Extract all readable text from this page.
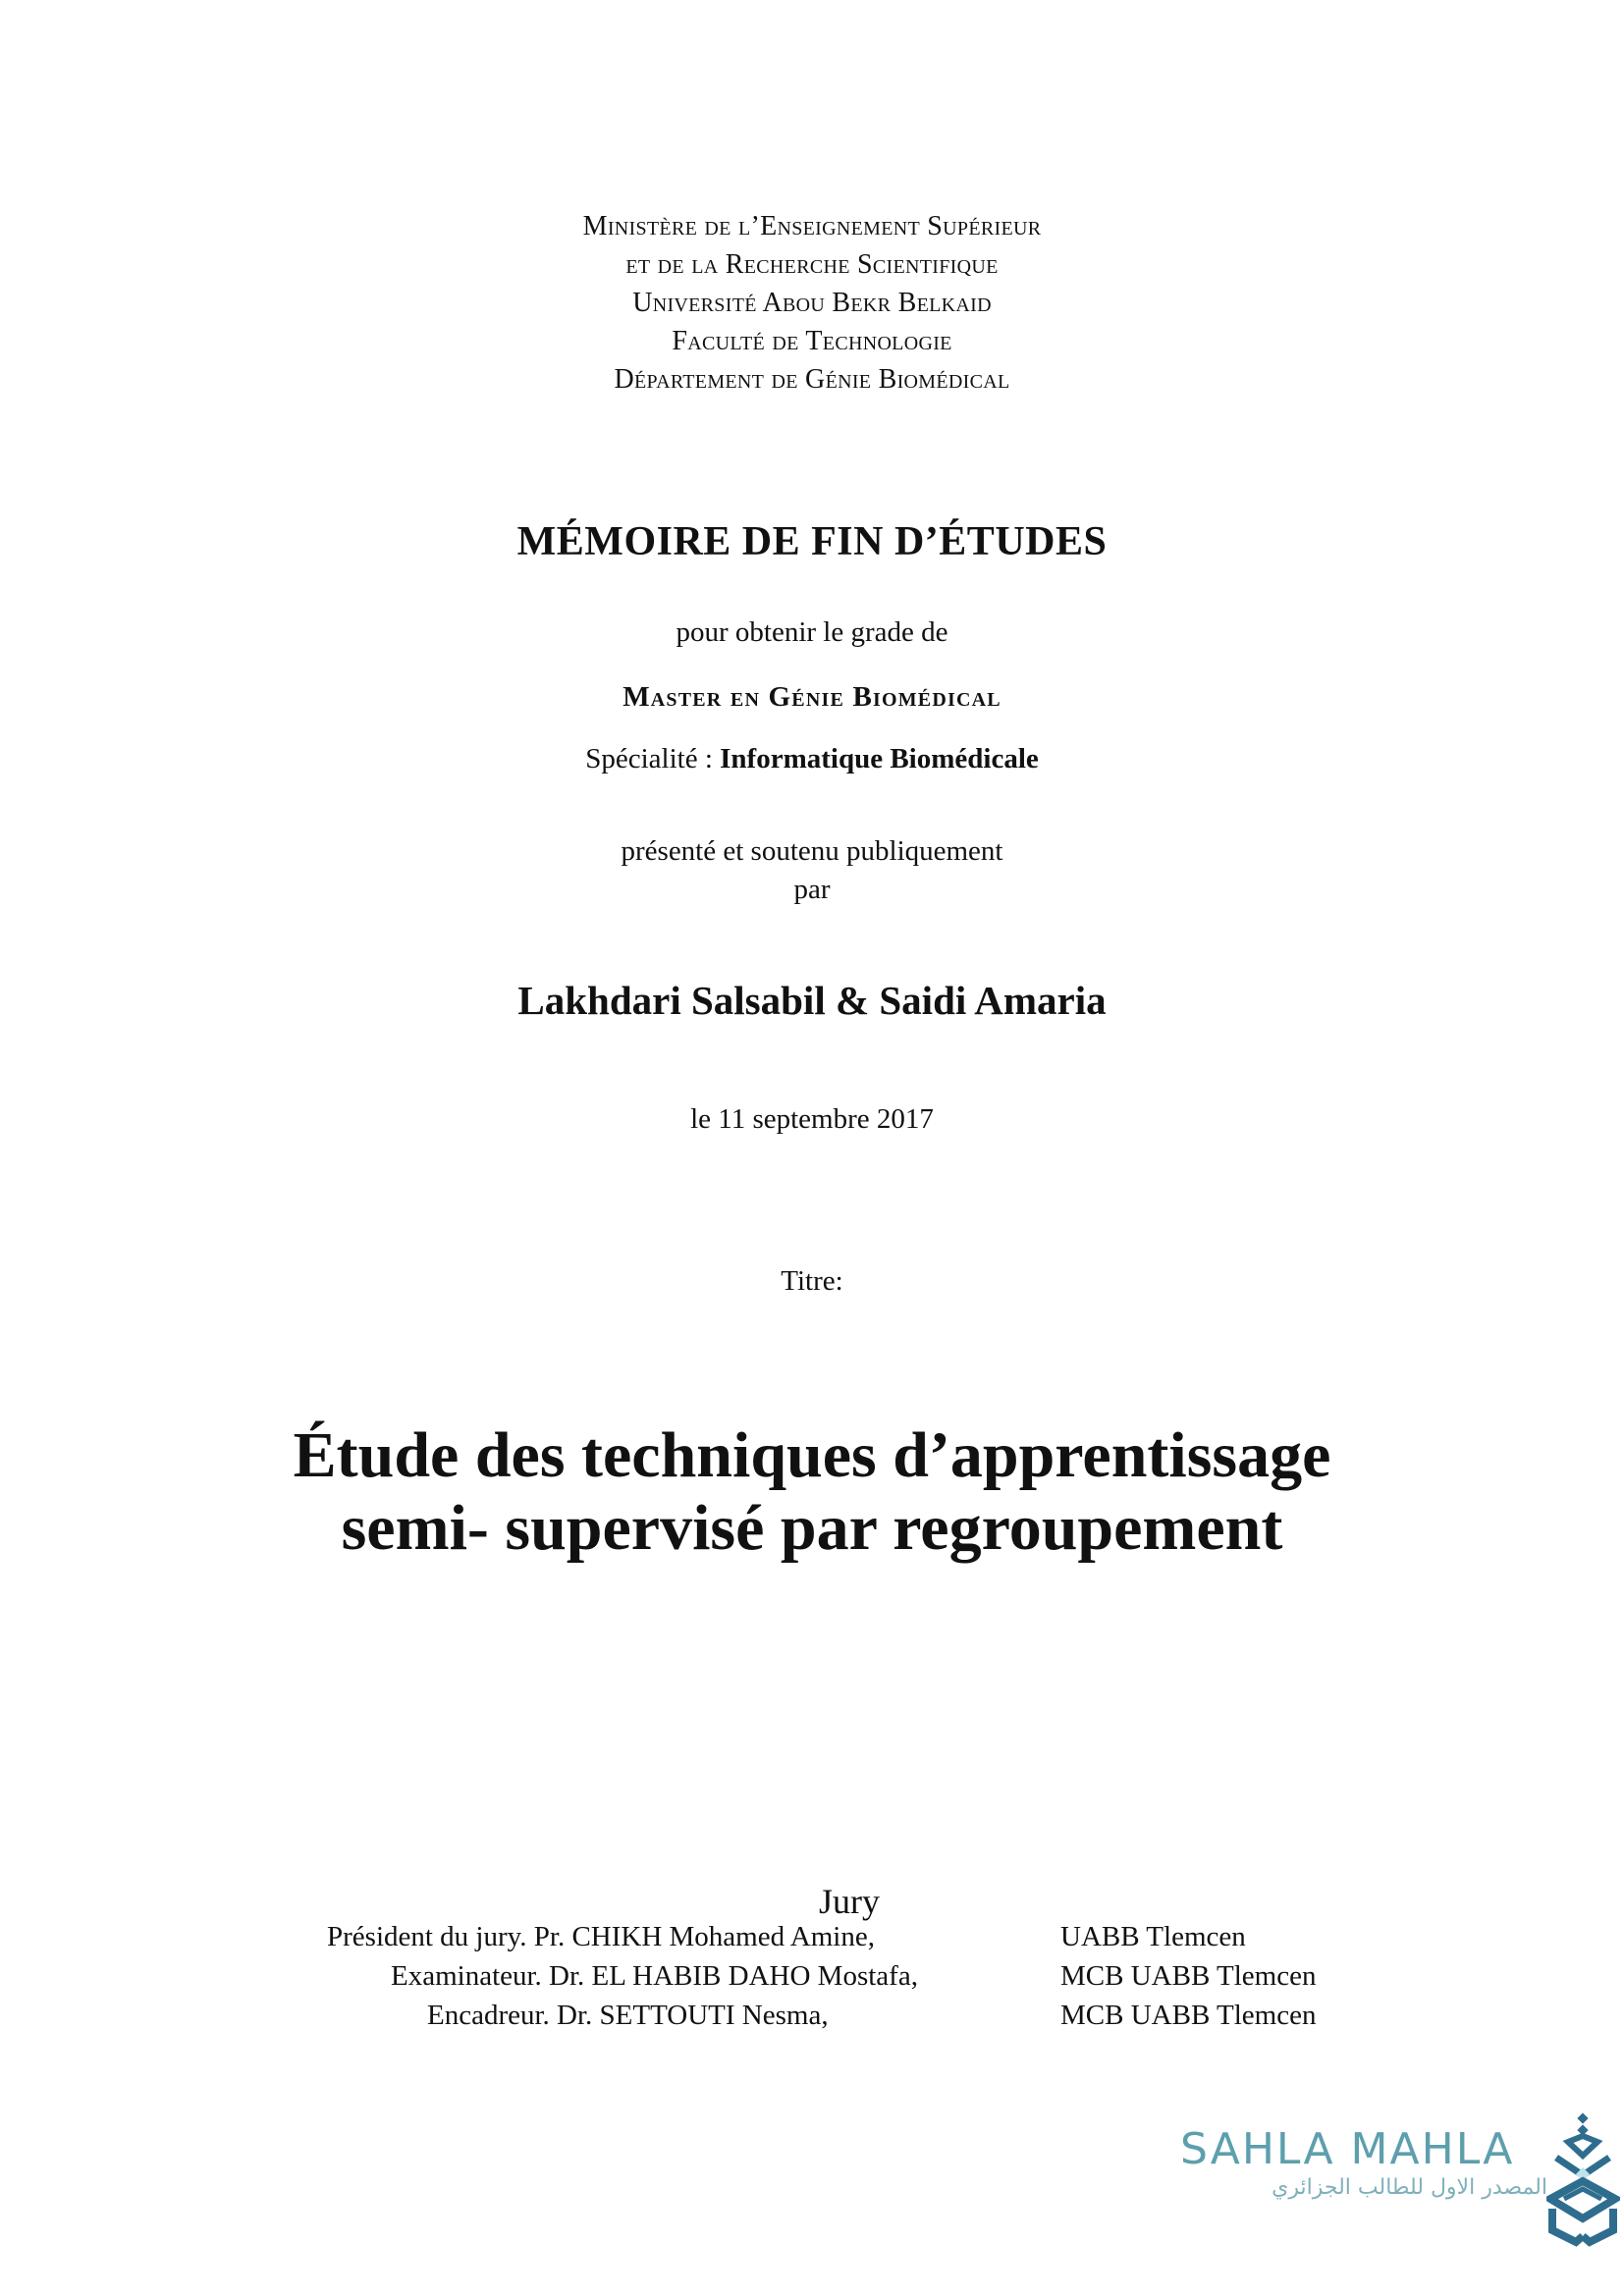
Ministère de l’Enseignement Supérieur
et de la Recherche Scientifique
Université Abou Bekr Belkaid
Faculté de Technologie
Département de Génie Biomédical
MÉMOIRE DE FIN D’ÉTUDES
pour obtenir le grade de
Master en Génie Biomédical
Spécialité : Informatique Biomédicale
présenté et soutenu publiquement
par
Lakhdari Salsabil & Saidi Amaria
le 11 septembre 2017
Titre:
Étude des techniques d’apprentissage
semi- supervisé par regroupement
Jury
Président du jury. Pr. CHIKH Mohamed Amine,	UABB Tlemcen
Examinateur. Dr. EL HABIB DAHO Mostafa,	MCB UABB Tlemcen
Encadreur. Dr. SETTOUTI Nesma,	MCB UABB Tlemcen
SAHLA MAHLA
المصدر الاول للطالب الجزائري
